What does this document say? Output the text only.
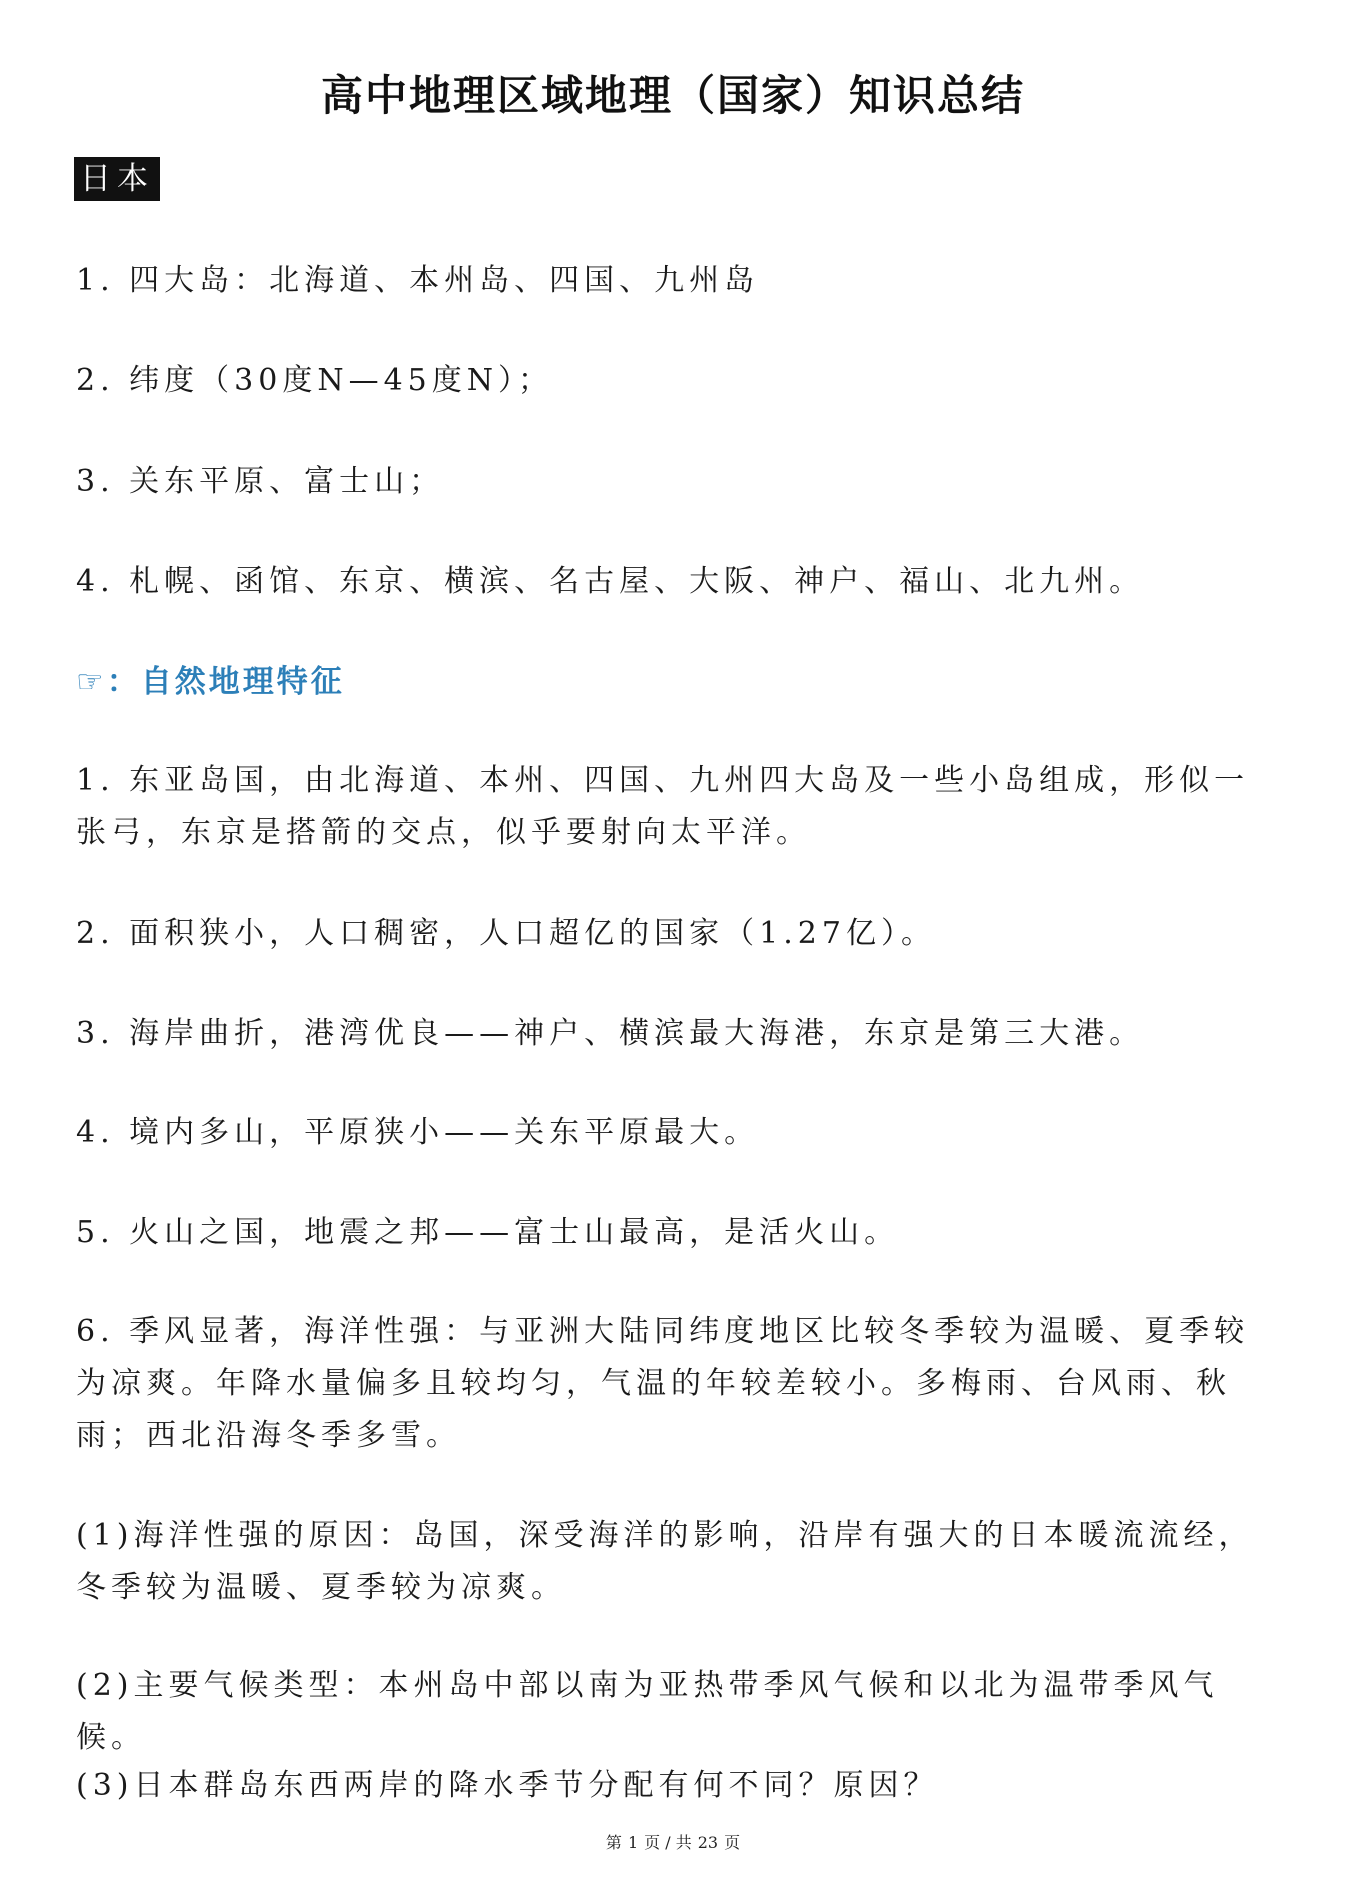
高中地理区域地理（国家）知识总结
日本
1. 四大岛：北海道、本州岛、四国、九州岛
2. 纬度（30度N—45度N）；
3. 关东平原、富士山；
4. 札幌、函馆、东京、横滨、名古屋、大阪、神户、福山、北九州。
☞：自然地理特征
1. 东亚岛国，由北海道、本州、四国、九州四大岛及一些小岛组成，形似一张弓，东京是搭箭的交点，似乎要射向太平洋。
2. 面积狭小，人口稠密，人口超亿的国家（1.27亿）。
3. 海岸曲折，港湾优良——神户、横滨最大海港，东京是第三大港。
4. 境内多山，平原狭小——关东平原最大。
5. 火山之国，地震之邦——富士山最高，是活火山。
6. 季风显著，海洋性强：与亚洲大陆同纬度地区比较冬季较为温暖、夏季较为凉爽。年降水量偏多且较均匀，气温的年较差较小。多梅雨、台风雨、秋雨；西北沿海冬季多雪。
(1)海洋性强的原因：岛国，深受海洋的影响，沿岸有强大的日本暖流流经，冬季较为温暖、夏季较为凉爽。
(2)主要气候类型：本州岛中部以南为亚热带季风气候和以北为温带季风气候。
(3)日本群岛东西两岸的降水季节分配有何不同？原因？
第 1 页 / 共 23 页
